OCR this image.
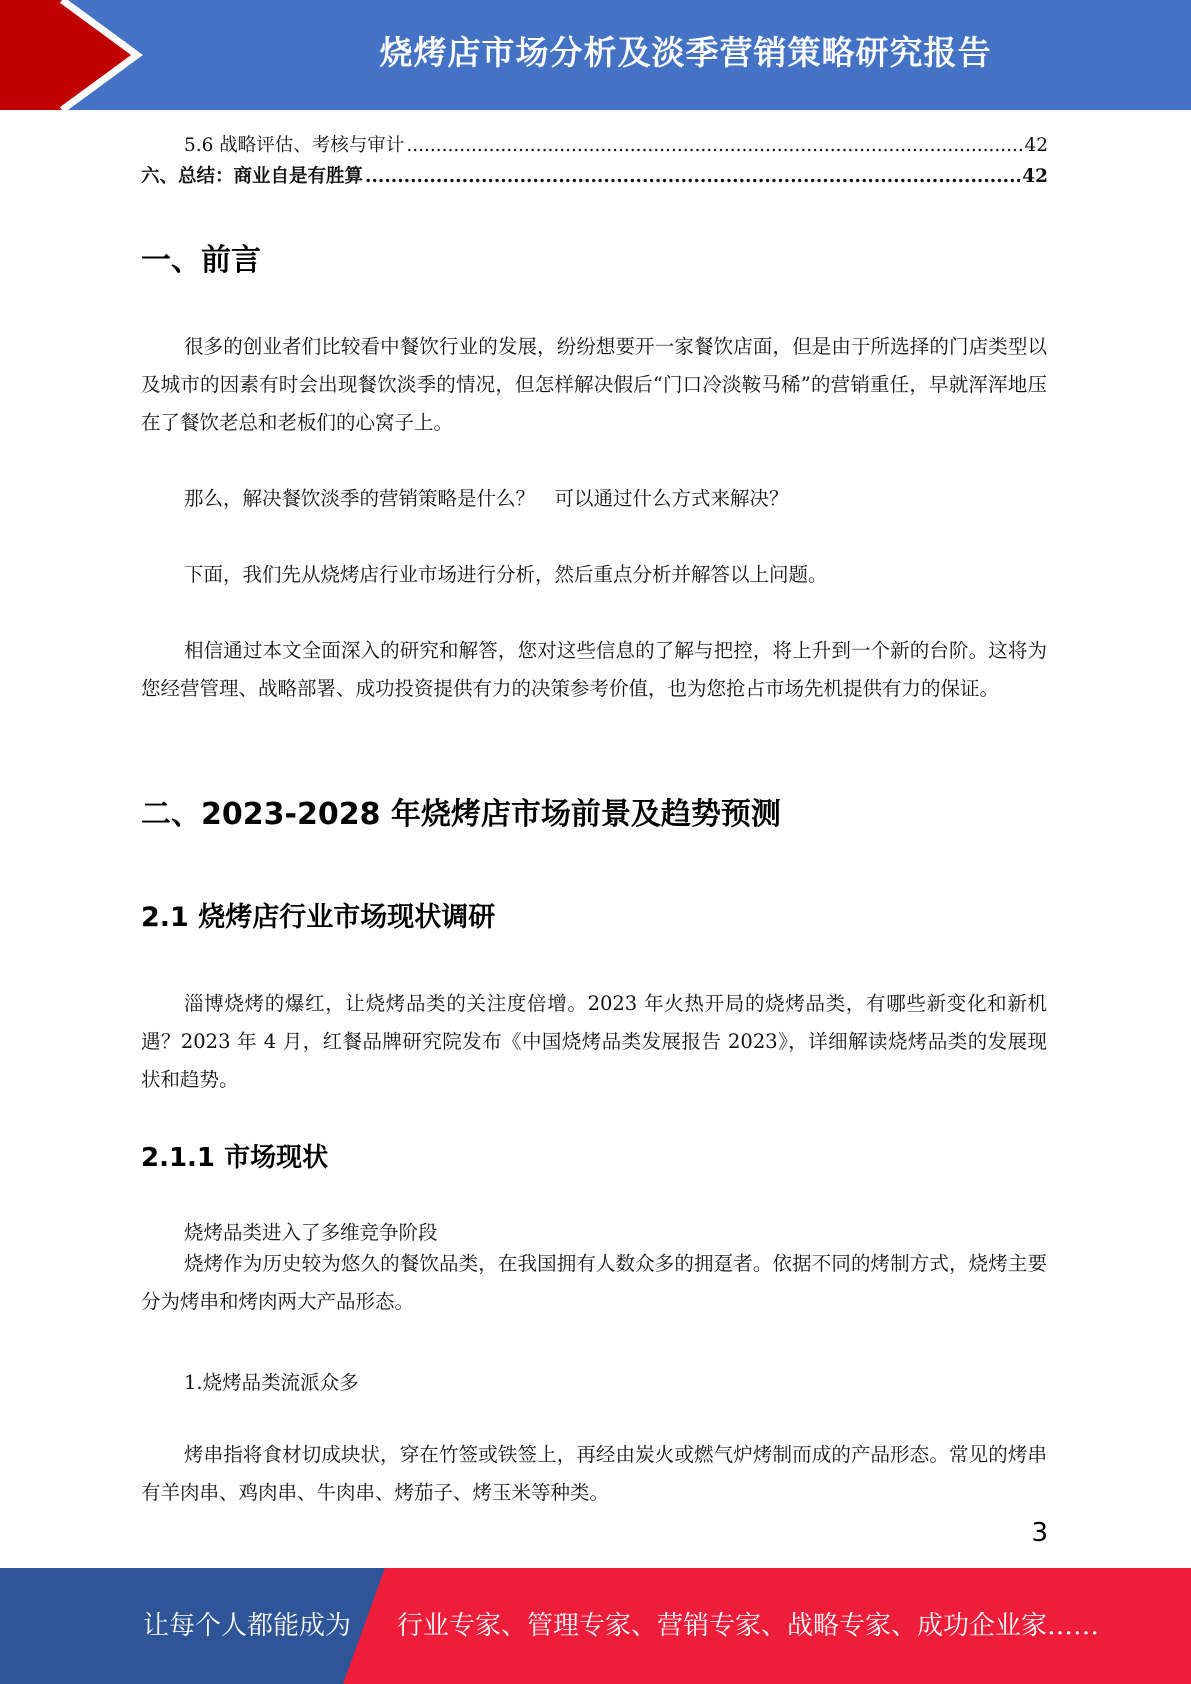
烧烤店市场分析及淡季营销策略研究报告
5.6 战略评估、考核与审计 .....	42
六、总结：商业自是有胜算 .....	42
一、前言

很多的创业者们比较看中餐饮行业的发展，纷纷想要开一家餐饮店面，但是由于所选择的门店类型以及城市的因素有时会出现餐饮淡季的情况，但怎样解决假后“门口冷淡鞍马稀”的营销重任，早就浑浑地压在了餐饮老总和老板们的心窝子上。

那么，解决餐饮淡季的营销策略是什么？　可以通过什么方式来解决？

下面，我们先从烧烤店行业市场进行分析，然后重点分析并解答以上问题。

相信通过本文全面深入的研究和解答，您对这些信息的了解与把控，将上升到一个新的台阶。这将为您经营管理、战略部署、成功投资提供有力的决策参考价值，也为您抢占市场先机提供有力的保证。

二、2023-2028 年烧烤店市场前景及趋势预测
2.1 烧烤店行业市场现状调研

淄博烧烤的爆红，让烧烤品类的关注度倍增。2023 年火热开局的烧烤品类，有哪些新变化和新机遇？2023 年 4 月，红餐品牌研究院发布《中国烧烤品类发展报告 2023》，详细解读烧烤品类的发展现状和趋势。

2.1.1 市场现状

烧烤品类进入了多维竞争阶段

烧烤作为历史较为悠久的餐饮品类，在我国拥有人数众多的拥趸者。依据不同的烤制方式，烧烤主要分为烤串和烤肉两大产品形态。

1.烧烤品类流派众多

烤串指将食材切成块状，穿在竹签或铁签上，再经由炭火或燃气炉烤制而成的产品形态。常见的烤串有羊肉串、鸡肉串、牛肉串、烤茄子、烤玉米等种类。

3
让每个人都能成为 行业专家、管理专家、营销专家、战略专家、成功企业家……
